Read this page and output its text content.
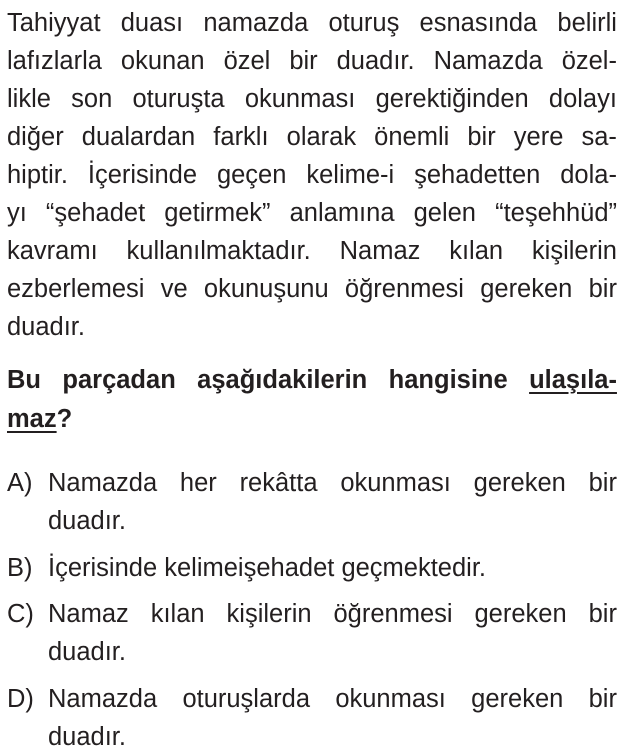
Tahiyyat duası namazda oturuş esnasında belirli
lafızlarla okunan özel bir duadır. Namazda özel-
likle son oturuşta okunması gerektiğinden dolayı
diğer dualardan farklı olarak önemli bir yere sa-
hiptir. İçerisinde geçen kelime-i şehadetten dola-
yı “şehadet getirmek” anlamına gelen “teşehhüd”
kavramı kullanılmaktadır. Namaz kılan kişilerin
ezberlemesi ve okunuşunu öğrenmesi gereken bir
duadır.
Bu parçadan aşağıdakilerin hangisine ulaşıla-
maz?
A) Namazda her rekâtta okunması gereken bir
duadır.
B) İçerisinde kelimeişehadet geçmektedir.
C) Namaz kılan kişilerin öğrenmesi gereken bir
duadır.
D) Namazda oturuşlarda okunması gereken bir
duadır.
